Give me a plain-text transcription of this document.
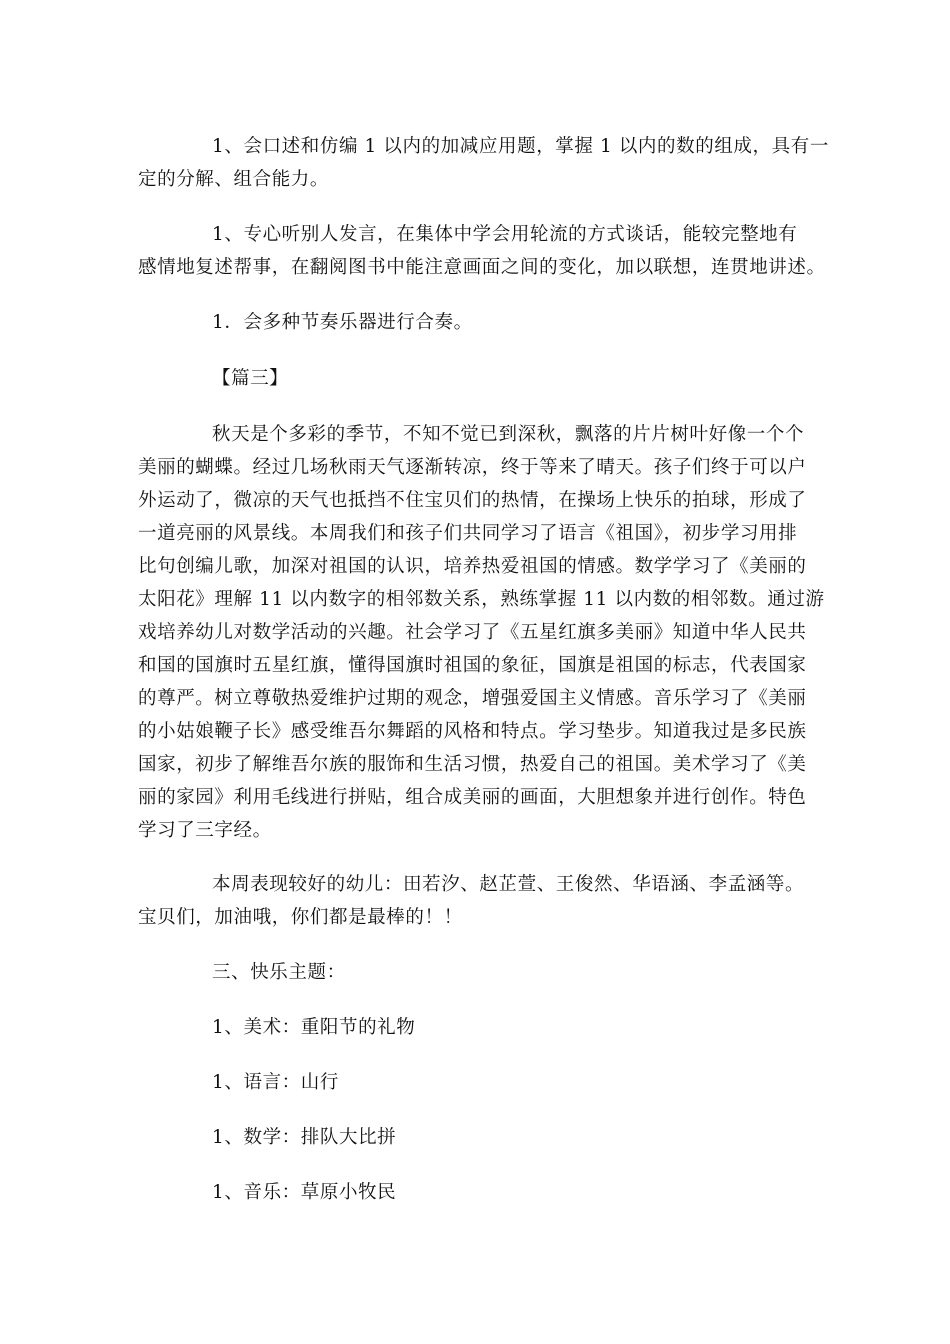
1、会口述和仿编 1 以内的加减应用题，掌握 1 以内的数的组成，具有一
定的分解、组合能力。
1、专心听别人发言，在集体中学会用轮流的方式谈话，能较完整地有
感情地复述帮事，在翻阅图书中能注意画面之间的变化，加以联想，连贯地讲述。
1．会多种节奏乐器进行合奏。
【篇三】
秋天是个多彩的季节，不知不觉已到深秋，飘落的片片树叶好像一个个
美丽的蝴蝶。经过几场秋雨天气逐渐转凉，终于等来了晴天。孩子们终于可以户
外运动了，微凉的天气也抵挡不住宝贝们的热情，在操场上快乐的拍球，形成了
一道亮丽的风景线。本周我们和孩子们共同学习了语言《祖国》，初步学习用排
比句创编儿歌，加深对祖国的认识，培养热爱祖国的情感。数学学习了《美丽的
太阳花》理解 11 以内数字的相邻数关系，熟练掌握 11 以内数的相邻数。通过游
戏培养幼儿对数学活动的兴趣。社会学习了《五星红旗多美丽》知道中华人民共
和国的国旗时五星红旗，懂得国旗时祖国的象征，国旗是祖国的标志，代表国家
的尊严。树立尊敬热爱维护过期的观念，增强爱国主义情感。音乐学习了《美丽
的小姑娘鞭子长》感受维吾尔舞蹈的风格和特点。学习垫步。知道我过是多民族
国家，初步了解维吾尔族的服饰和生活习惯，热爱自己的祖国。美术学习了《美
丽的家园》利用毛线进行拼贴，组合成美丽的画面，大胆想象并进行创作。特色
学习了三字经。
本周表现较好的幼儿：田若汐、赵芷萱、王俊然、华语涵、李孟涵等。
宝贝们，加油哦，你们都是最棒的！！
三、快乐主题：
1、美术：重阳节的礼物
1、语言：山行
1、数学：排队大比拼
1、音乐：草原小牧民
